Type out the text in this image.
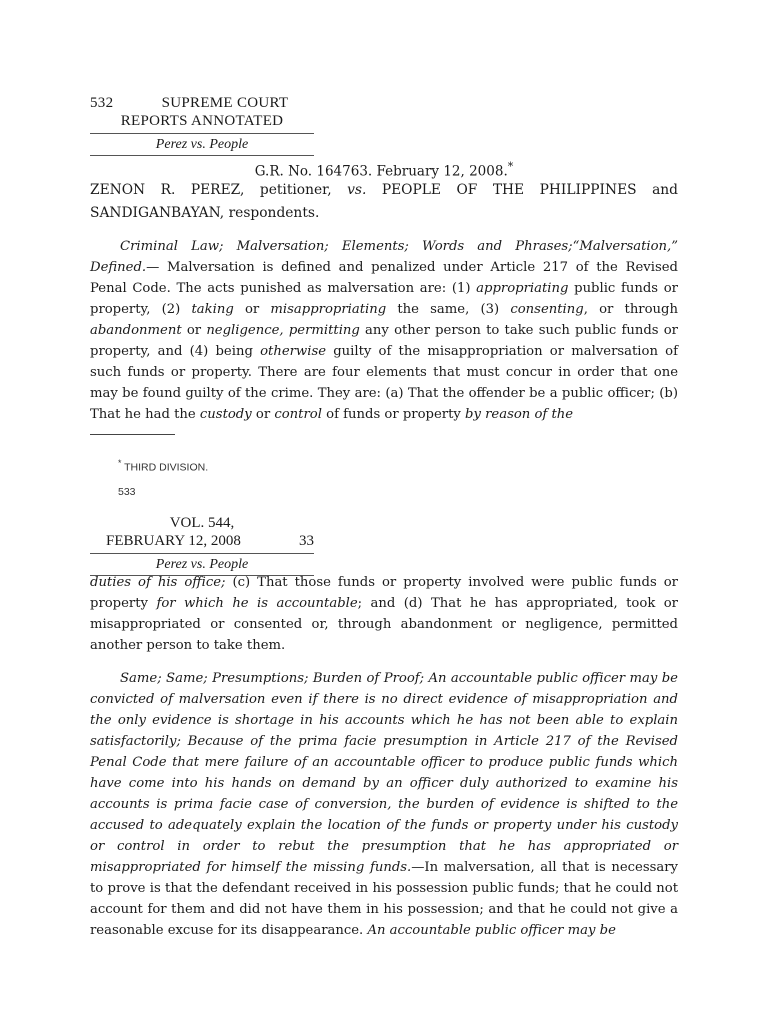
532	SUPREME COURT
REPORTS ANNOTATED
Perez vs. People
G.R. No. 164763. February 12, 2008.*
ZENON R. PEREZ, petitioner, vs. PEOPLE OF THE PHILIPPINES and SANDIGANBAYAN, respondents.
Criminal Law; Malversation; Elements; Words and Phrases;“Malversation,” Defined.— Malversation is defined and penalized under Article 217 of the Revised Penal Code. The acts punished as malversation are: (1) appropriating public funds or property, (2) taking or misappropriating the same, (3) consenting, or through abandonment or negligence, permitting any other person to take such public funds or property, and (4) being otherwise guilty of the misappropriation or malversation of such funds or property. There are four elements that must concur in order that one may be found guilty of the crime. They are: (a) That the offender be a public officer; (b) That he had the custody or control of funds or property by reason of the
* THIRD DIVISION.
533
VOL. 544,
FEBRUARY 12, 2008	33
Perez vs. People
duties of his office; (c) That those funds or property involved were public funds or property for which he is accountable; and (d) That he has appropriated, took or misappropriated or consented or, through abandonment or negligence, permitted another person to take them.
Same; Same; Presumptions; Burden of Proof; An accountable public officer may be convicted of malversation even if there is no direct evidence of misappropriation and the only evidence is shortage in his accounts which he has not been able to explain satisfactorily; Because of the prima facie presumption in Article 217 of the Revised Penal Code that mere failure of an accountable officer to produce public funds which have come into his hands on demand by an officer duly authorized to examine his accounts is prima facie case of conversion, the burden of evidence is shifted to the accused to adequately explain the location of the funds or property under his custody or control in order to rebut the presumption that he has appropriated or misappropriated for himself the missing funds.—In malversation, all that is necessary to prove is that the defendant received in his possession public funds; that he could not account for them and did not have them in his possession; and that he could not give a reasonable excuse for its disappearance. An accountable public officer may be
